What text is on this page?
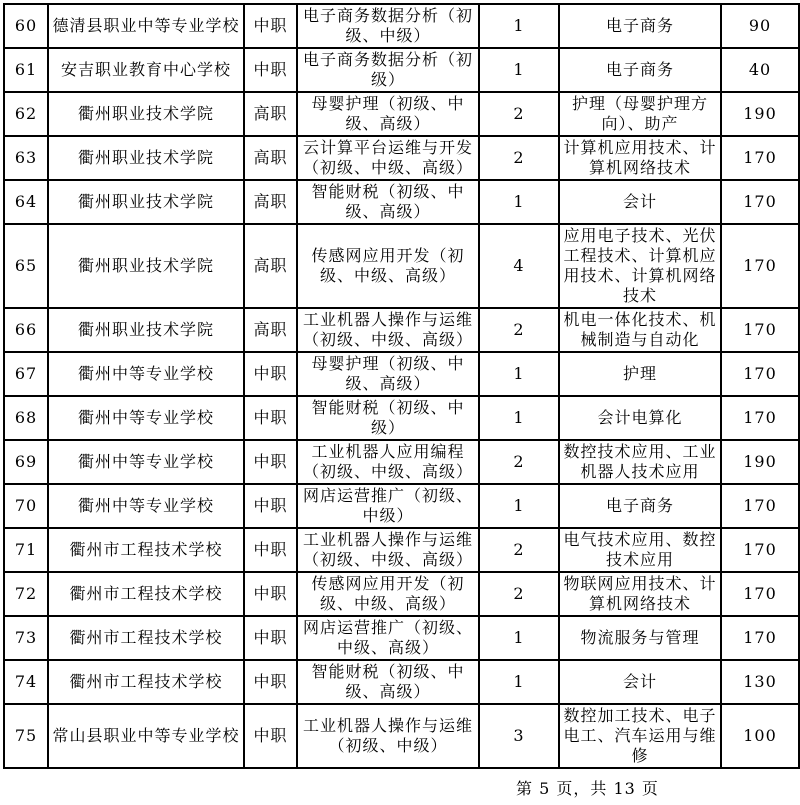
60	德清县职业中等专业学校	中职	电子商务数据分析（初级、中级）	1	电子商务	90
61	安吉职业教育中心学校	中职	电子商务数据分析（初级）	1	电子商务	40
62	衢州职业技术学院	高职	母婴护理（初级、中级、高级）	2	护理（母婴护理方向）、助产	190
63	衢州职业技术学院	高职	云计算平台运维与开发（初级、中级、高级）	2	计算机应用技术、计算机网络技术	170
64	衢州职业技术学院	高职	智能财税（初级、中级、高级）	1	会计	170
65	衢州职业技术学院	高职	传感网应用开发（初级、中级、高级）	4	应用电子技术、光伏工程技术、计算机应用技术、计算机网络技术	170
66	衢州职业技术学院	高职	工业机器人操作与运维（初级、中级、高级）	2	机电一体化技术、机械制造与自动化	170
67	衢州中等专业学校	中职	母婴护理（初级、中级、高级）	1	护理	170
68	衢州中等专业学校	中职	智能财税（初级、中级）	1	会计电算化	170
69	衢州中等专业学校	中职	工业机器人应用编程（初级、中级、高级）	2	数控技术应用、工业机器人技术应用	190
70	衢州中等专业学校	中职	网店运营推广（初级、中级）	1	电子商务	170
71	衢州市工程技术学校	中职	工业机器人操作与运维（初级、中级、高级）	2	电气技术应用、数控技术应用	170
72	衢州市工程技术学校	中职	传感网应用开发（初级、中级、高级）	2	物联网应用技术、计算机网络技术	170
73	衢州市工程技术学校	中职	网店运营推广（初级、中级、高级）	1	物流服务与管理	170
74	衢州市工程技术学校	中职	智能财税（初级、中级、高级）	1	会计	130
75	常山县职业中等专业学校	中职	工业机器人操作与运维（初级、中级）	3	数控加工技术、电子电工、汽车运用与维修	100
第 5 页，共 13 页
